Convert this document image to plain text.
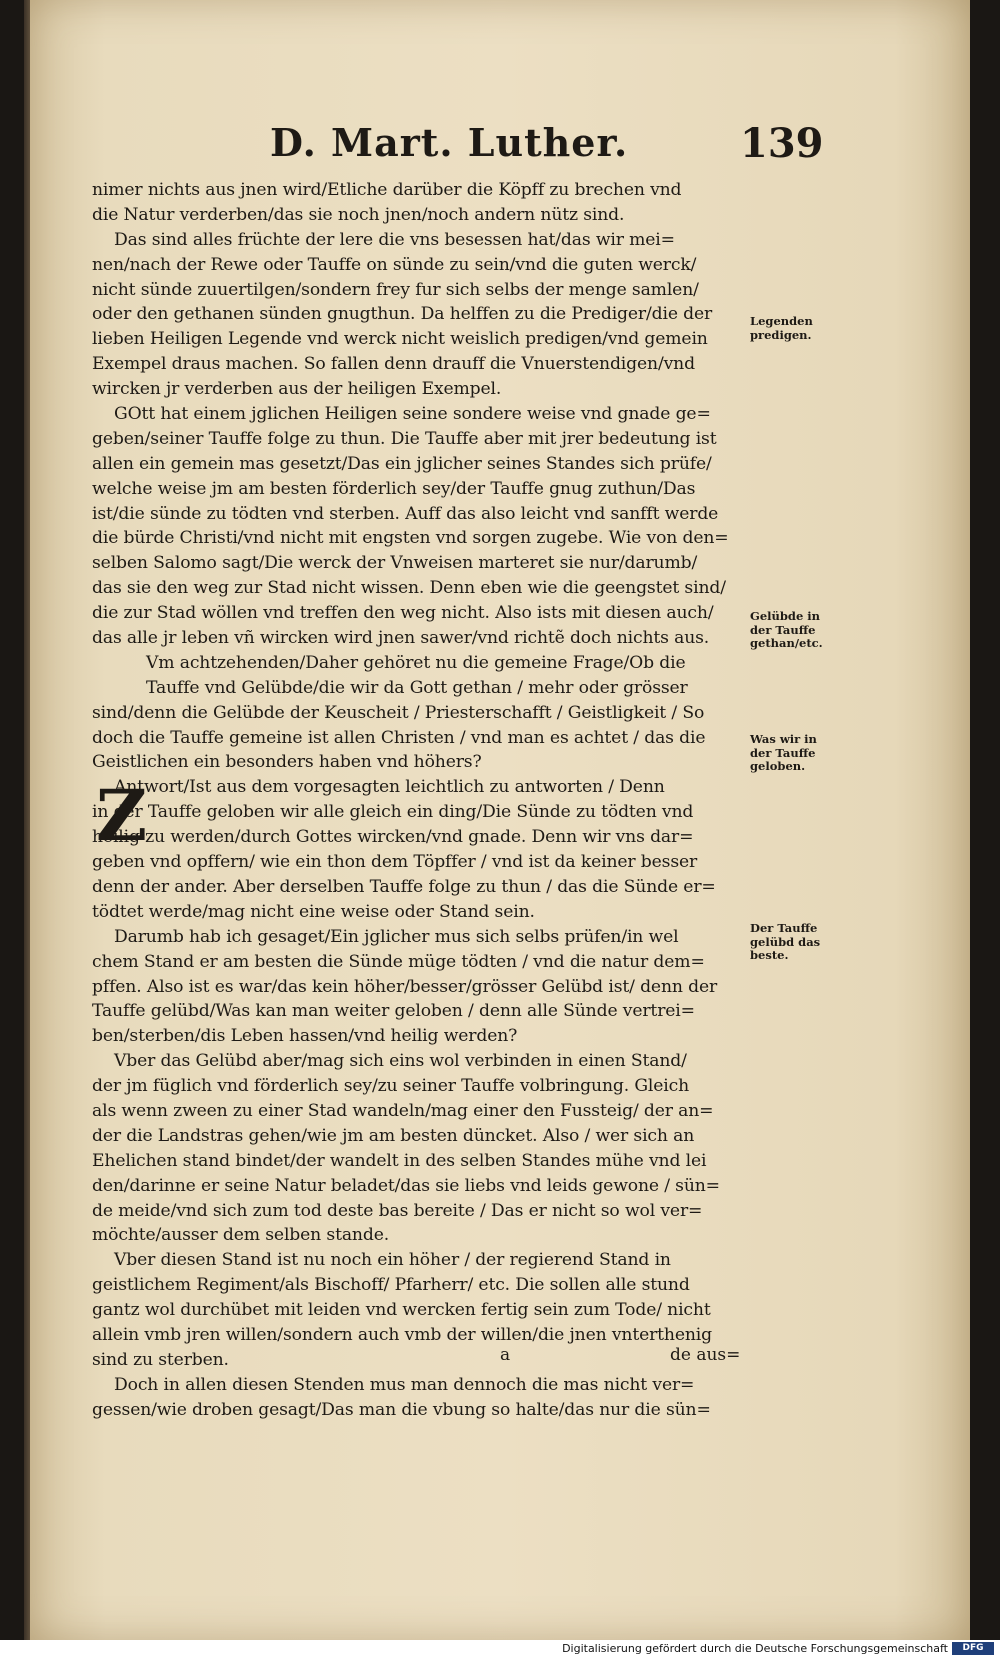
D. Mart. Luther.	139
Z
nimer nichts aus jnen wird/Etliche darüber die Köpff zu brechen vnd
die Natur verderben/das sie noch jnen/noch andern nütz sind.
Das sind alles früchte der lere die vns besessen hat/das wir mei=
nen/nach der Rewe oder Tauffe on sünde zu sein/vnd die guten werck/
nicht sünde zuuertilgen/sondern frey fur sich selbs der menge samlen/
oder den gethanen sünden gnugthun. Da helffen zu die Prediger/die der
lieben Heiligen Legende vnd werck nicht weislich predigen/vnd gemein
Exempel draus machen. So fallen denn drauff die Vnuerstendigen/vnd
wircken jr verderben aus der heiligen Exempel.
GOtt hat einem jglichen Heiligen seine sondere weise vnd gnade ge=
geben/seiner Tauffe folge zu thun. Die Tauffe aber mit jrer bedeutung ist
allen ein gemein mas gesetzt/Das ein jglicher seines Standes sich prüfe/
welche weise jm am besten förderlich sey/der Tauffe gnug zuthun/Das
ist/die sünde zu tödten vnd sterben. Auff das also leicht vnd sanfft werde
die bürde Christi/vnd nicht mit engsten vnd sorgen zugebe. Wie von den=
selben Salomo sagt/Die werck der Vnweisen marteret sie nur/darumb/
das sie den weg zur Stad nicht wissen. Denn eben wie die geengstet sind/
die zur Stad wöllen vnd treffen den weg nicht. Also ists mit diesen auch/
das alle jr leben vñ wircken wird jnen sawer/vnd richtẽ doch nichts aus.
Vm achtzehenden/Daher gehöret nu die gemeine Frage/Ob die
Tauffe vnd Gelübde/die wir da Gott gethan / mehr oder grösser
sind/denn die Gelübde der Keuscheit / Priesterschafft / Geistligkeit / So
doch die Tauffe gemeine ist allen Christen / vnd man es achtet / das die
Geistlichen ein besonders haben vnd höhers?
Antwort/Ist aus dem vorgesagten leichtlich zu antworten / Denn
in der Tauffe geloben wir alle gleich ein ding/Die Sünde zu tödten vnd
heilig zu werden/durch Gottes wircken/vnd gnade. Denn wir vns dar=
geben vnd opffern/ wie ein thon dem Töpffer / vnd ist da keiner besser
denn der ander. Aber derselben Tauffe folge zu thun / das die Sünde er=
tödtet werde/mag nicht eine weise oder Stand sein.
Darumb hab ich gesaget/Ein jglicher mus sich selbs prüfen/in wel
chem Stand er am besten die Sünde müge tödten / vnd die natur dem=
pffen. Also ist es war/das kein höher/besser/grösser Gelübd ist/ denn der
Tauffe gelübd/Was kan man weiter geloben / denn alle Sünde vertrei=
ben/sterben/dis Leben hassen/vnd heilig werden?
Vber das Gelübd aber/mag sich eins wol verbinden in einen Stand/
der jm füglich vnd förderlich sey/zu seiner Tauffe volbringung. Gleich
als wenn zween zu einer Stad wandeln/mag einer den Fussteig/ der an=
der die Landstras gehen/wie jm am besten düncket. Also / wer sich an
Ehelichen stand bindet/der wandelt in des selben Standes mühe vnd lei
den/darinne er seine Natur beladet/das sie liebs vnd leids gewone / sün=
de meide/vnd sich zum tod deste bas bereite / Das er nicht so wol ver=
möchte/ausser dem selben stande.
Vber diesen Stand ist nu noch ein höher / der regierend Stand in
geistlichem Regiment/als Bischoff/ Pfarherr/ etc. Die sollen alle stund
gantz wol durchübet mit leiden vnd wercken fertig sein zum Tode/ nicht
allein vmb jren willen/sondern auch vmb der willen/die jnen vnterthenig
sind zu sterben.
Doch in allen diesen Stenden mus man dennoch die mas nicht ver=
gessen/wie droben gesagt/Das man die vbung so halte/das nur die sün=
Legenden
predigen.
Gelübde in
der Tauffe
gethan/etc.
Was wir in
der Tauffe
geloben.
Der Tauffe
gelübd das
beste.
a	de aus=
Digitalisierung gefördert durch die Deutsche Forschungsgemeinschaft	DFG
